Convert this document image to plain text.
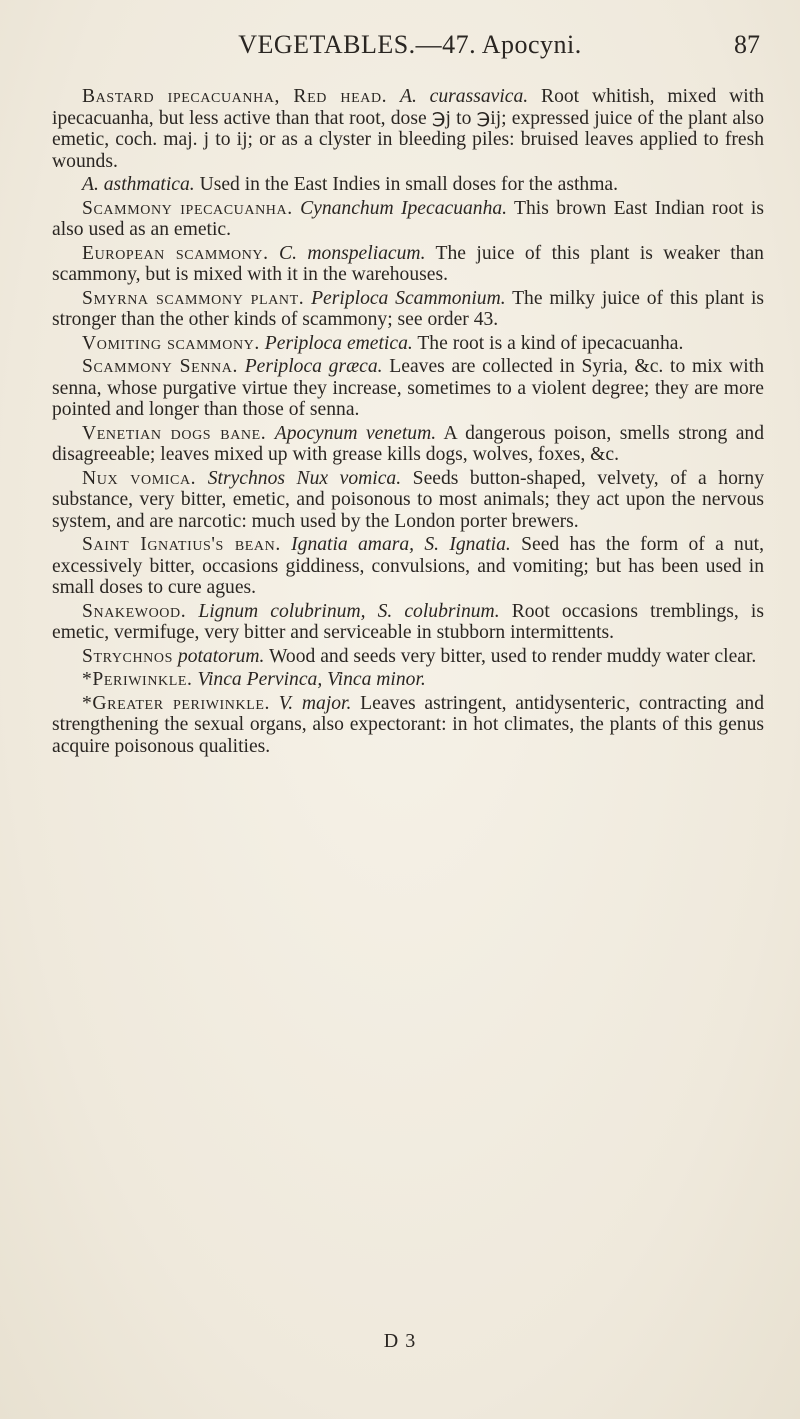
VEGETABLES.—47. Apocyni.	87

Bastard ipecacuanha, Red head. A. curassavica. Root whitish, mixed with ipecacuanha, but less active than that root, dose ℈j to ℈ij; expressed juice of the plant also emetic, coch. maj. j to ij; or as a clyster in bleeding piles: bruised leaves applied to fresh wounds.

A. asthmatica. Used in the East Indies in small doses for the asthma.

Scammony ipecacuanha. Cynanchum Ipecacuanha. This brown East Indian root is also used as an emetic.

European scammony. C. monspeliacum. The juice of this plant is weaker than scammony, but is mixed with it in the warehouses.

Smyrna scammony plant. Periploca Scammonium. The milky juice of this plant is stronger than the other kinds of scammony; see order 43.

Vomiting scammony. Periploca emetica. The root is a kind of ipecacuanha.

Scammony Senna. Periploca græca. Leaves are collected in Syria, &c. to mix with senna, whose purgative virtue they increase, sometimes to a violent degree; they are more pointed and longer than those of senna.

Venetian dogs bane. Apocynum venetum. A dangerous poison, smells strong and disagreeable; leaves mixed up with grease kills dogs, wolves, foxes, &c.

Nux vomica. Strychnos Nux vomica. Seeds button-shaped, velvety, of a horny substance, very bitter, emetic, and poisonous to most animals; they act upon the nervous system, and are narcotic: much used by the London porter brewers.

Saint Ignatius's bean. Ignatia amara, S. Ignatia. Seed has the form of a nut, excessively bitter, occasions giddiness, convulsions, and vomiting; but has been used in small doses to cure agues.

Snakewood. Lignum colubrinum, S. colubrinum. Root occasions tremblings, is emetic, vermifuge, very bitter and serviceable in stubborn intermittents.

Strychnos potatorum. Wood and seeds very bitter, used to render muddy water clear.

*Periwinkle. Vinca Pervinca, Vinca minor.

*Greater periwinkle. V. major. Leaves astringent, antidysenteric, contracting and strengthening the sexual organs, also expectorant: in hot climates, the plants of this genus acquire poisonous qualities.

D 3
